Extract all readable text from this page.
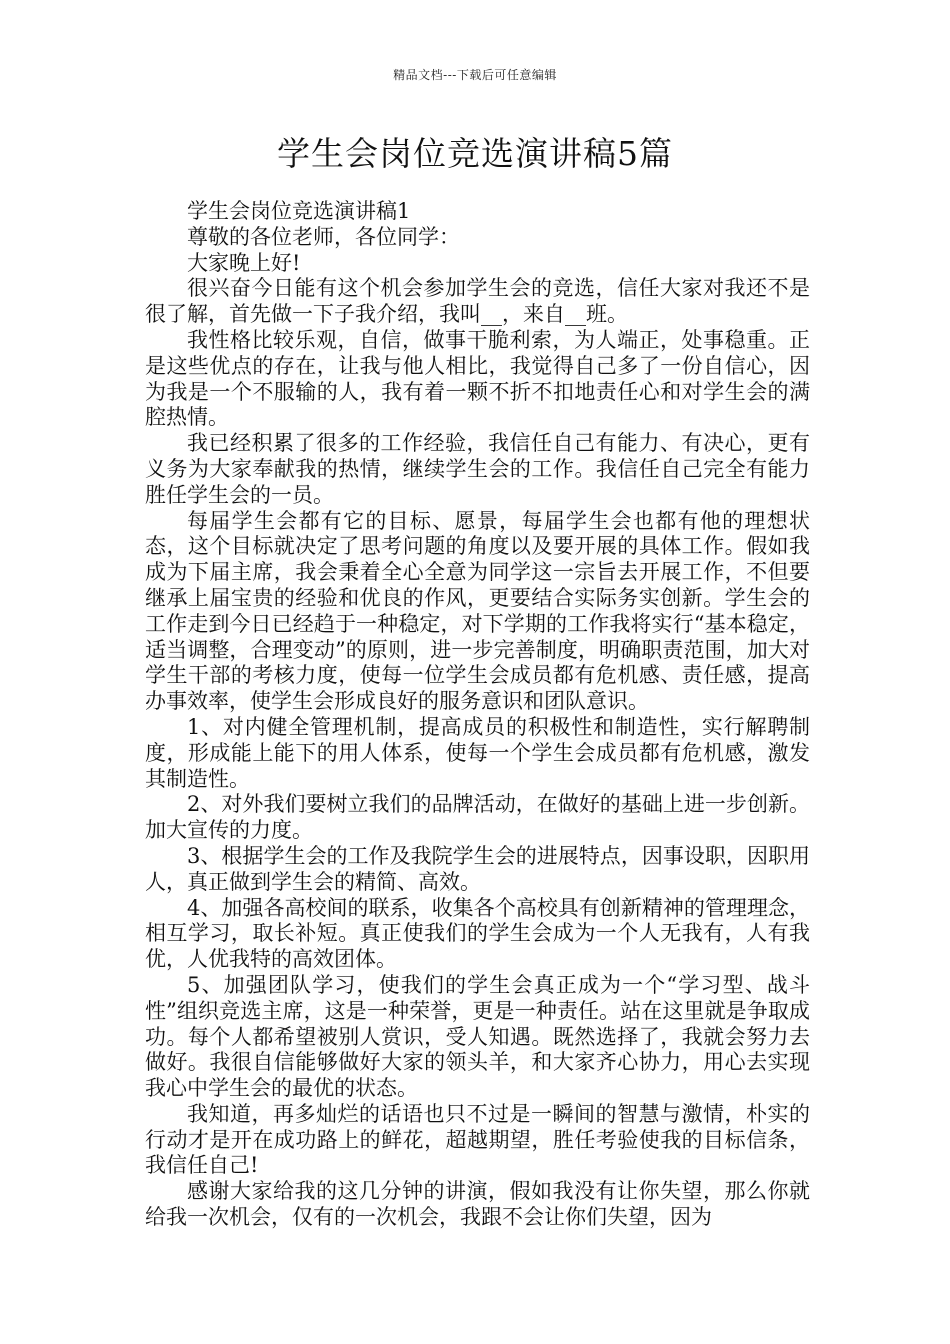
精品文档---下载后可任意编辑
学生会岗位竞选演讲稿5篇

学生会岗位竞选演讲稿1

尊敬的各位老师，各位同学：

大家晚上好!

很兴奋今日能有这个机会参加学生会的竞选，信任大家对我还不是很了解，首先做一下子我介绍，我叫__，来自__班。

我性格比较乐观，自信，做事干脆利索，为人端正，处事稳重。正是这些优点的存在，让我与他人相比，我觉得自己多了一份自信心，因为我是一个不服输的人，我有着一颗不折不扣地责任心和对学生会的满腔热情。

我已经积累了很多的工作经验，我信任自己有能力、有决心，更有义务为大家奉献我的热情，继续学生会的工作。我信任自己完全有能力胜任学生会的一员。

每届学生会都有它的目标、愿景，每届学生会也都有他的理想状态，这个目标就决定了思考问题的角度以及要开展的具体工作。假如我成为下届主席，我会秉着全心全意为同学这一宗旨去开展工作，不但要继承上届宝贵的经验和优良的作风，更要结合实际务实创新。学生会的工作走到今日已经趋于一种稳定，对下学期的工作我将实行“基本稳定，适当调整，合理变动”的原则，进一步完善制度，明确职责范围，加大对学生干部的考核力度，使每一位学生会成员都有危机感、责任感，提高办事效率，使学生会形成良好的服务意识和团队意识。

1、对内健全管理机制，提高成员的积极性和制造性，实行解聘制度，形成能上能下的用人体系，使每一个学生会成员都有危机感，激发其制造性。

2、对外我们要树立我们的品牌活动，在做好的基础上进一步创新。加大宣传的力度。

3、根据学生会的工作及我院学生会的进展特点，因事设职，因职用人，真正做到学生会的精简、高效。

4、加强各高校间的联系，收集各个高校具有创新精神的管理理念，相互学习，取长补短。真正使我们的学生会成为一个人无我有，人有我优，人优我特的高效团体。

5、加强团队学习，使我们的学生会真正成为一个“学习型、战斗性”组织竞选主席，这是一种荣誉，更是一种责任。站在这里就是争取成功。每个人都希望被别人赏识，受人知遇。既然选择了，我就会努力去做好。我很自信能够做好大家的领头羊，和大家齐心协力，用心去实现我心中学生会的最优的状态。

我知道，再多灿烂的话语也只不过是一瞬间的智慧与激情，朴实的行动才是开在成功路上的鲜花，超越期望，胜任考验使我的目标信条，我信任自己!

感谢大家给我的这几分钟的讲演，假如我没有让你失望，那么你就给我一次机会，仅有的一次机会，我跟不会让你们失望，因为
